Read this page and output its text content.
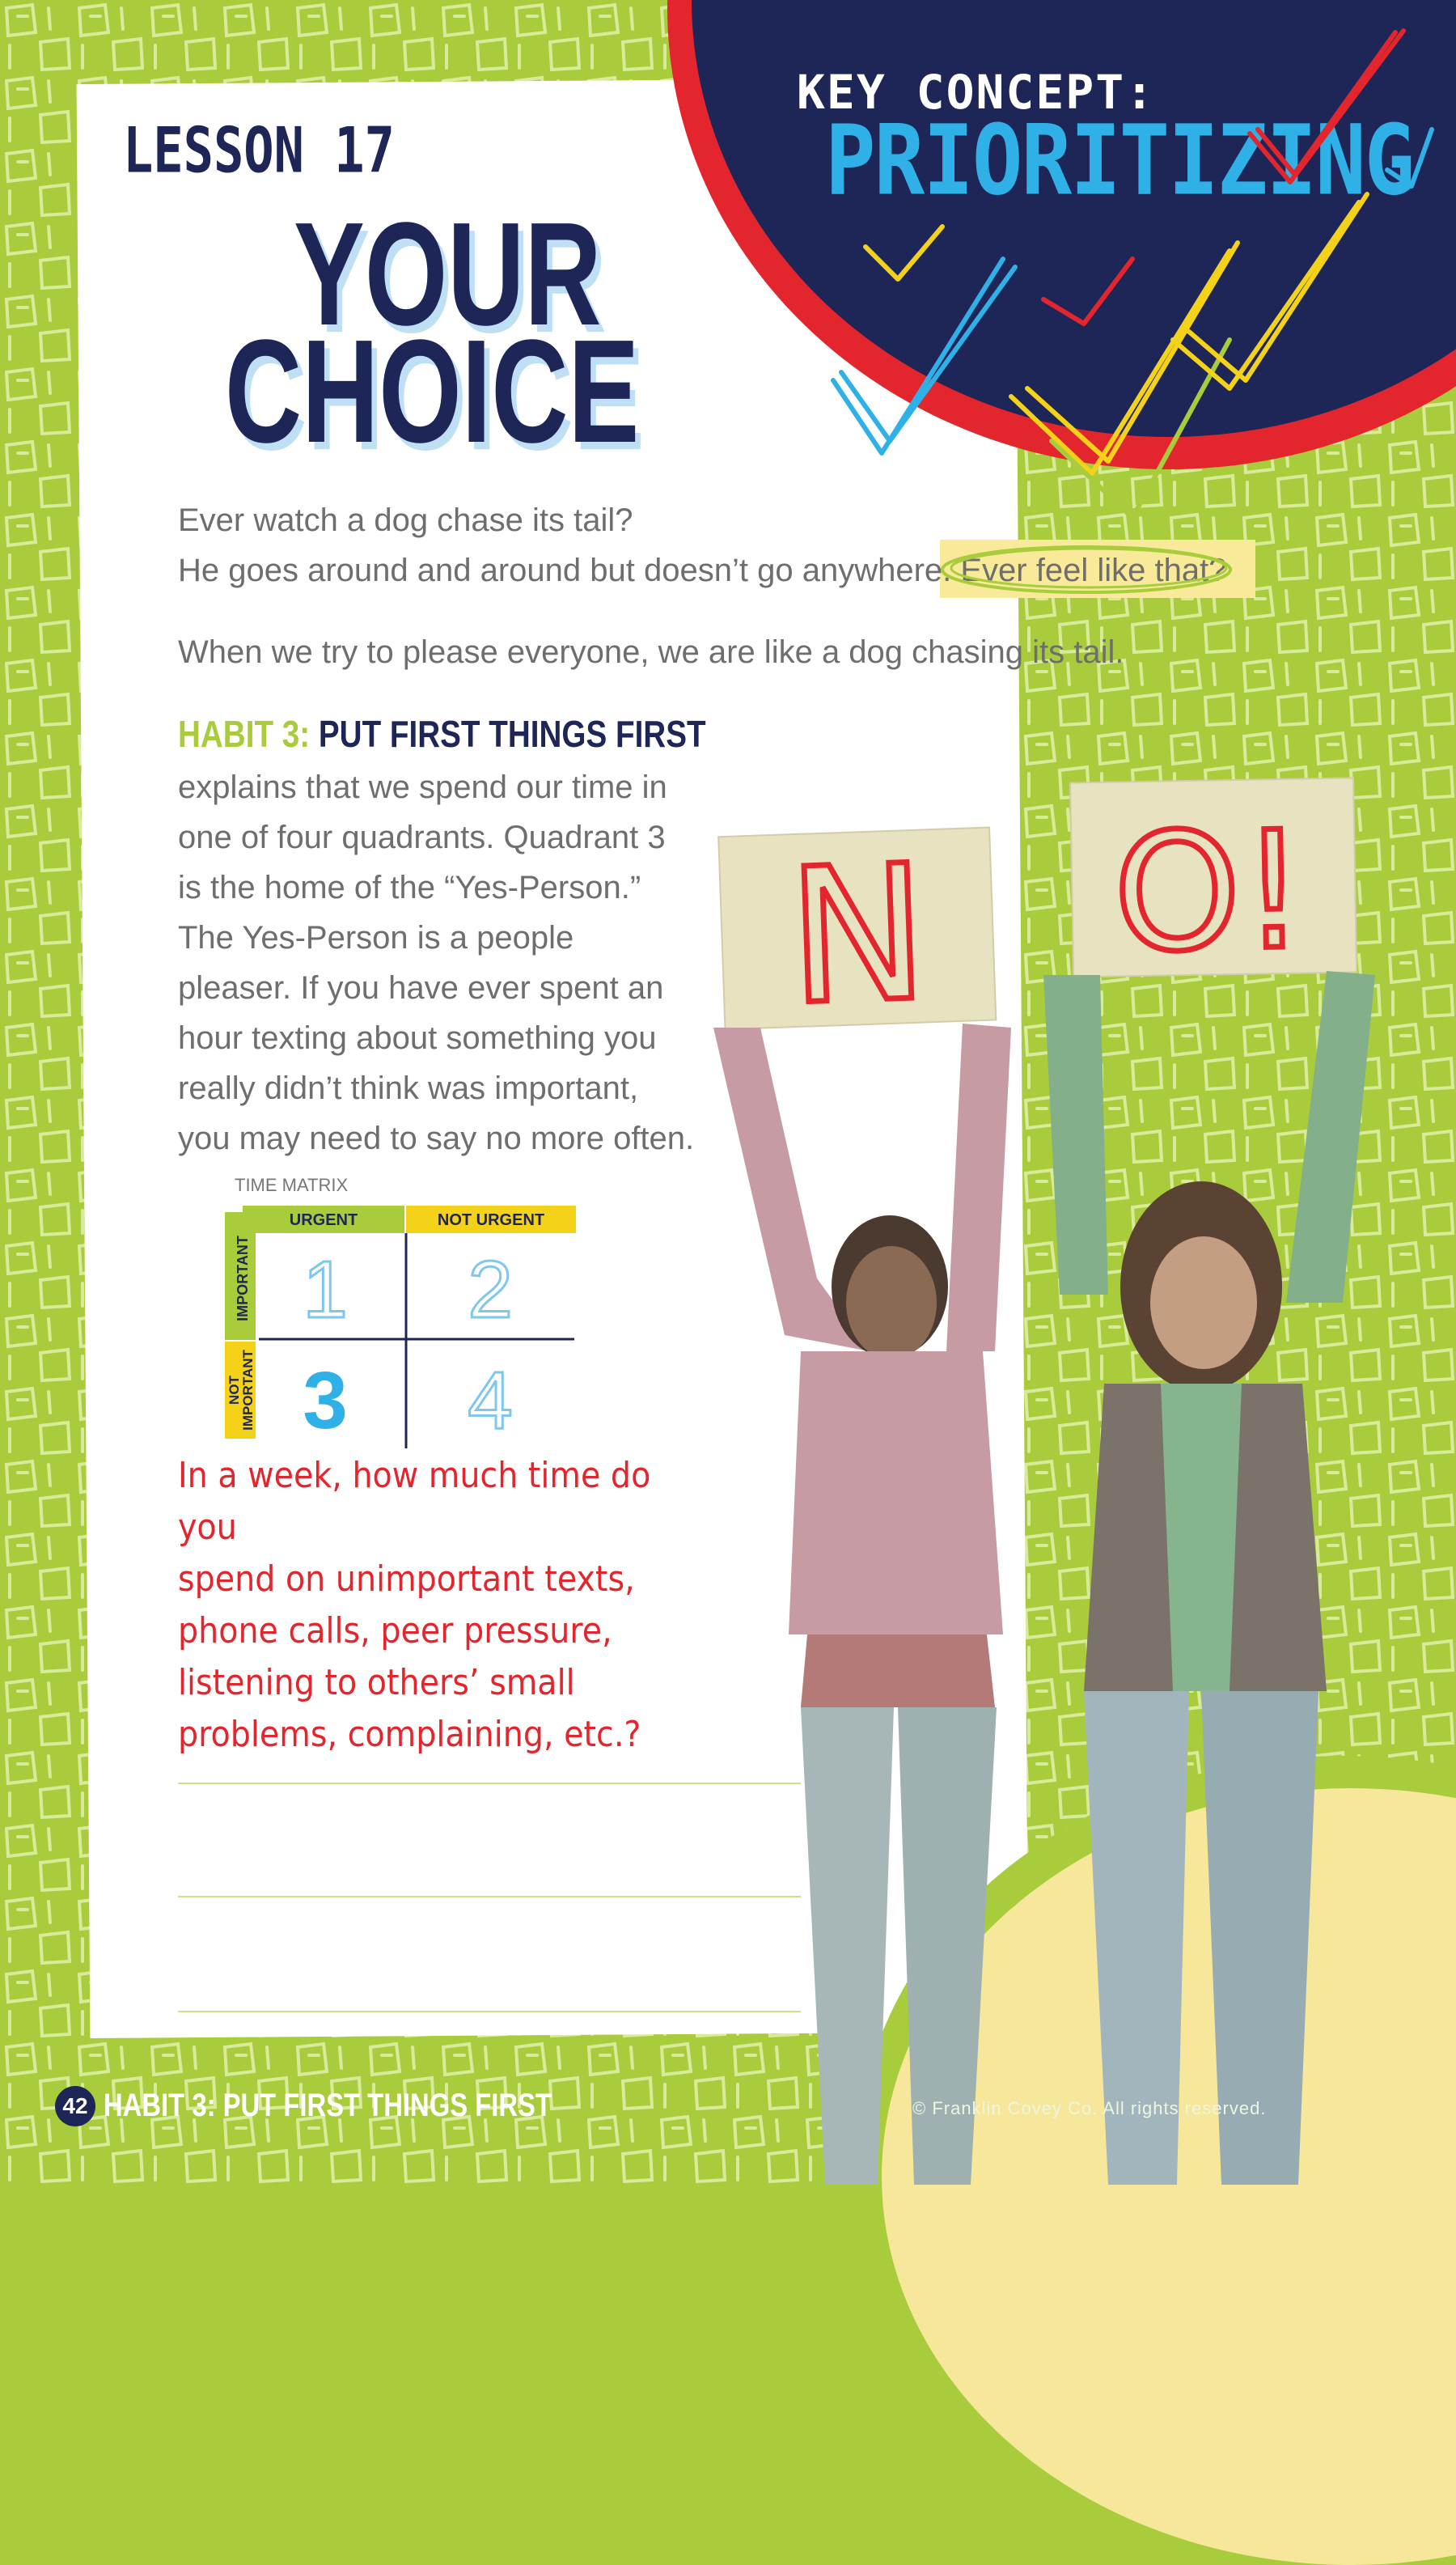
KEY CONCEPT:
PRIORITIZING
LESSON 17
YOUR
CHOICE
Ever watch a dog chase its tail?
He goes around and around but doesn’t go anywhere. Ever feel like that?
When we try to please everyone, we are like a dog chasing its tail.
HABIT 3: PUT FIRST THINGS FIRST
explains that we spend our time in
one of four quadrants. Quadrant 3
is the home of the “Yes-Person.”
The Yes-Person is a people
pleaser. If you have ever spent an
hour texting about something you
really didn’t think was important,
you may need to say no more often.
TIME MATRIX
URGENT	NOT URGENT
IMPORTANT
NOT
IMPORTANT
1 2
3 4
In a week, how much time do you
spend on unimportant texts,
phone calls, peer pressure,
listening to others’ small
problems, complaining, etc.?
N O!
42 HABIT 3: PUT FIRST THINGS FIRST	© Franklin Covey Co. All rights reserved.
